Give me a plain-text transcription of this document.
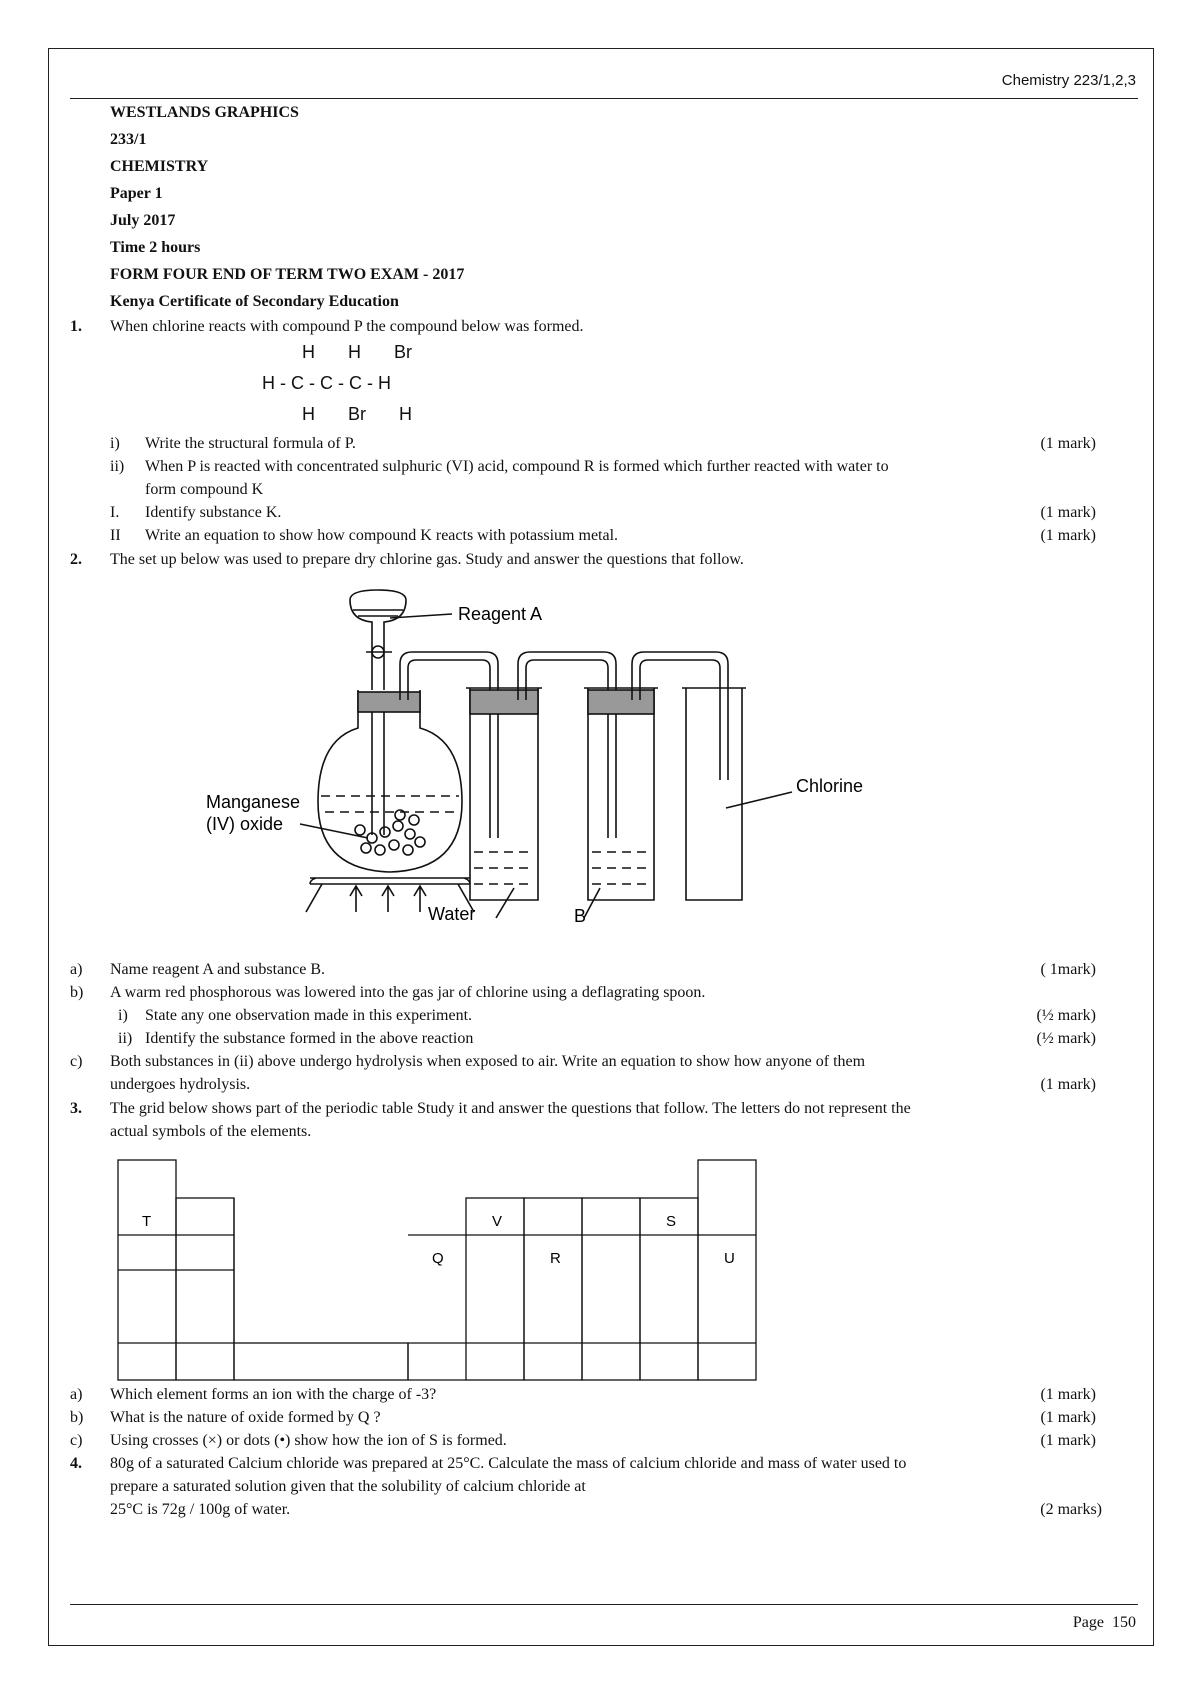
Chemistry 223/1,2,3
WESTLANDS GRAPHICS
233/1
CHEMISTRY
Paper 1
July 2017
Time 2 hours
FORM FOUR END OF TERM TWO EXAM - 2017
Kenya Certificate of Secondary Education
1. When chlorine reacts with compound P the compound below was formed.
H   H   Br
H - C - C - C - H
H   Br   H
i) Write the structural formula of P.	(1 mark)
ii) When P is reacted with concentrated sulphuric (VI) acid, compound R is formed which further reacted with water to
form compound K
I. Identify substance K.	(1 mark)
II Write an equation to show how compound K reacts with potassium metal.	(1 mark)
2. The set up below was used to prepare dry chlorine gas. Study and answer the questions that follow.
Reagent A
Chlorine
Manganese
(IV) oxide
Water	B
a) Name reagent A and substance B.	( 1mark)
b) A warm red phosphorous was lowered into the gas jar of chlorine using a deflagrating spoon.
i) State any one observation made in this experiment.	(½ mark)
ii) Identify the substance formed in the above reaction	(½ mark)
c) Both substances in (ii) above undergo hydrolysis when exposed to air. Write an equation to show how anyone of them
undergoes hydrolysis.	(1 mark)
3. The grid below shows part of the periodic table Study it and answer the questions that follow. The letters do not represent the
actual symbols of the elements.
T	V	S
Q	R	U
a) Which element forms an ion with the charge of -3?	(1 mark)
b) What is the nature of oxide formed by Q ?	(1 mark)
c) Using crosses (×) or dots (•) show how the ion of S is formed.	(1 mark)
4. 80g of a saturated Calcium chloride was prepared at 25°C. Calculate the mass of calcium chloride and mass of water used to
prepare a saturated solution given that the solubility of calcium chloride at
25°C is 72g / 100g of water.	(2 marks)
Page 150
